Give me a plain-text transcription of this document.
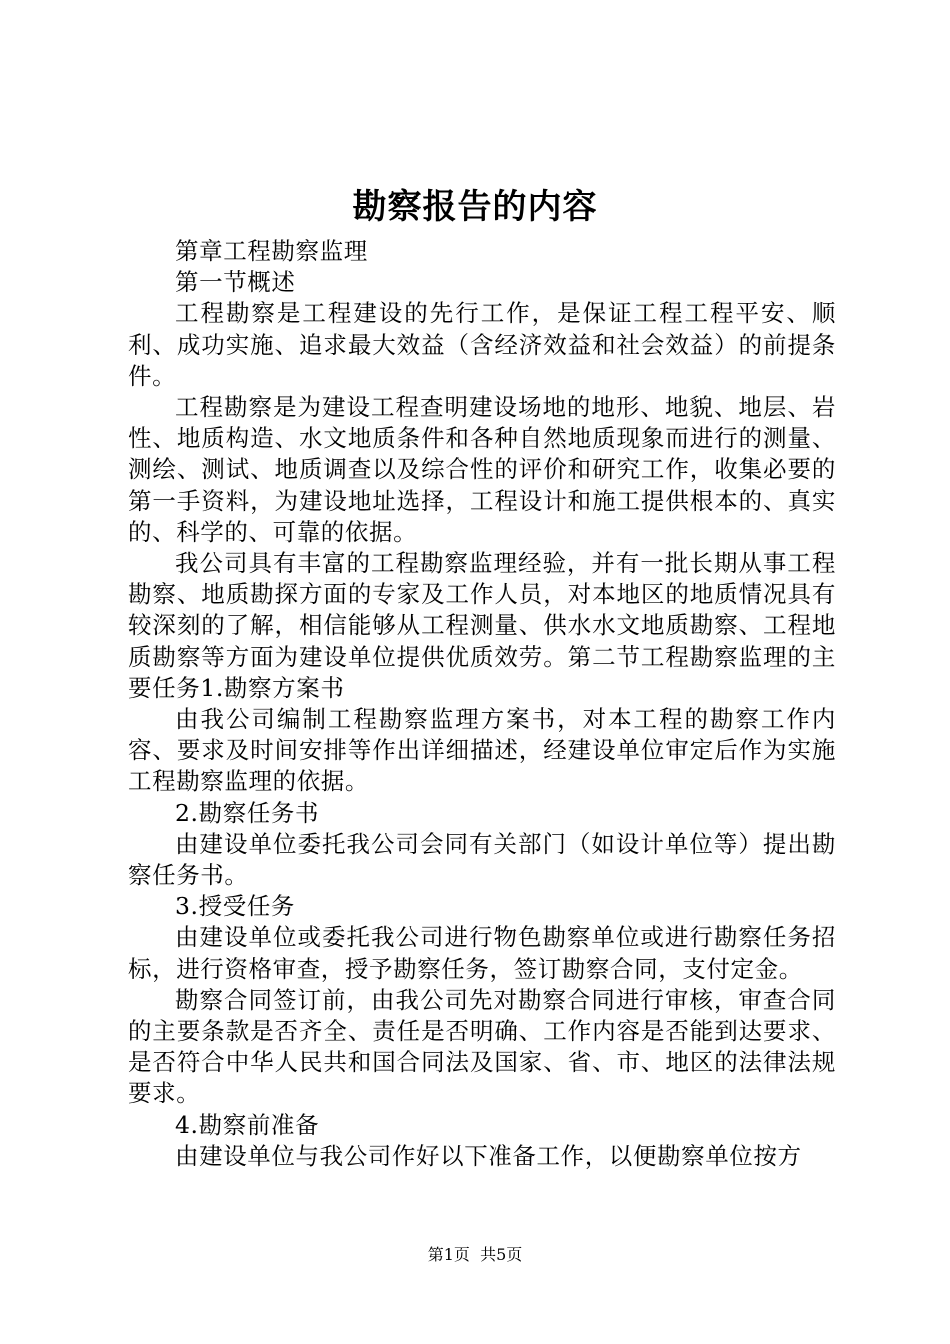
勘察报告的内容

第章工程勘察监理

第一节概述

工程勘察是工程建设的先行工作，是保证工程工程平安、顺利、成功实施、追求最大效益（含经济效益和社会效益）的前提条件。

工程勘察是为建设工程查明建设场地的地形、地貌、地层、岩性、地质构造、水文地质条件和各种自然地质现象而进行的测量、测绘、测试、地质调查以及综合性的评价和研究工作，收集必要的第一手资料，为建设地址选择，工程设计和施工提供根本的、真实的、科学的、可靠的依据。

我公司具有丰富的工程勘察监理经验，并有一批长期从事工程勘察、地质勘探方面的专家及工作人员，对本地区的地质情况具有较深刻的了解，相信能够从工程测量、供水水文地质勘察、工程地质勘察等方面为建设单位提供优质效劳。第二节工程勘察监理的主要任务1.勘察方案书

由我公司编制工程勘察监理方案书，对本工程的勘察工作内容、要求及时间安排等作出详细描述，经建设单位审定后作为实施工程勘察监理的依据。

2.勘察任务书

由建设单位委托我公司会同有关部门（如设计单位等）提出勘察任务书。

3.授受任务

由建设单位或委托我公司进行物色勘察单位或进行勘察任务招标，进行资格审查，授予勘察任务，签订勘察合同，支付定金。

勘察合同签订前，由我公司先对勘察合同进行审核，审查合同的主要条款是否齐全、责任是否明确、工作内容是否能到达要求、是否符合中华人民共和国合同法及国家、省、市、地区的法律法规要求。

4.勘察前准备

由建设单位与我公司作好以下准备工作，以便勘察单位按方

第1页 共5页
